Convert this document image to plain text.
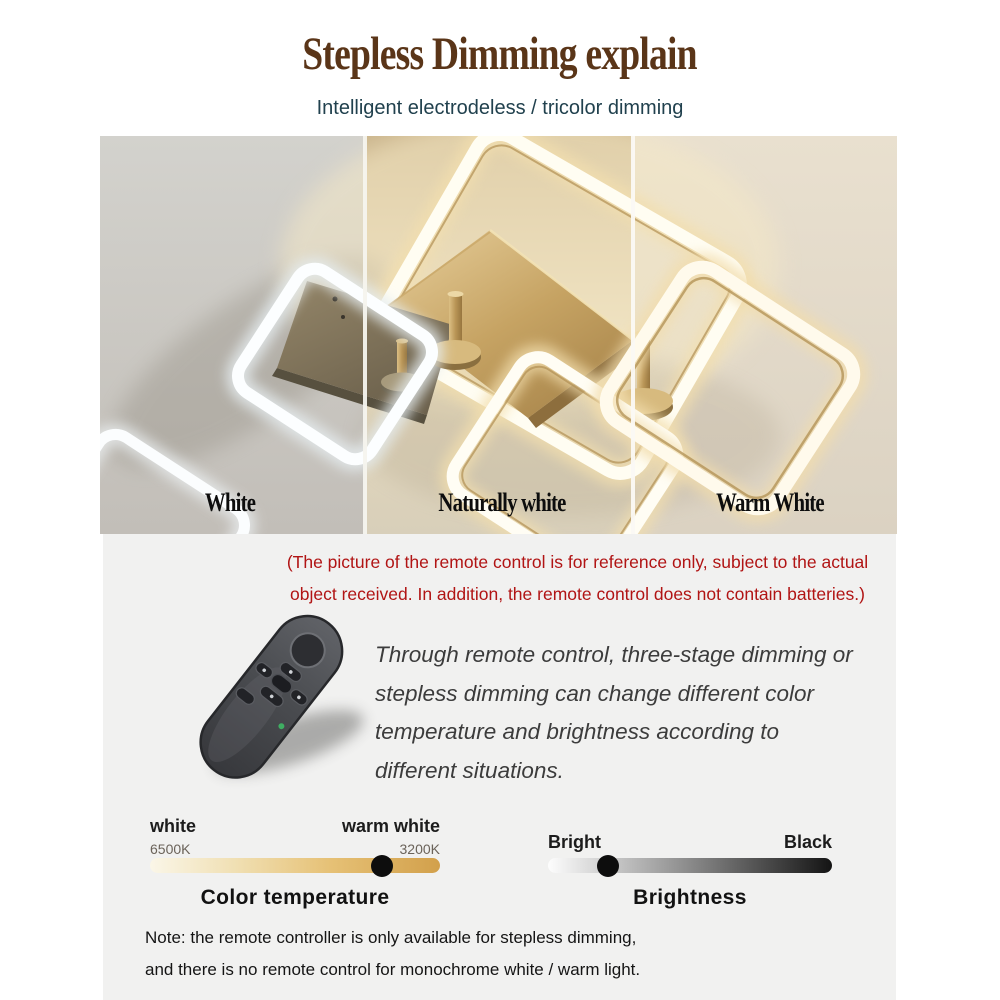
Stepless Dimming explain
Intelligent electrodeless / tricolor dimming
White	Naturally white	Warm White
(The picture of the remote control is for reference only, subject to the actual
object received. In addition, the remote control does not contain batteries.)
Through remote control, three-stage dimming or
stepless dimming can change different color
temperature and brightness according to
different situations.
white	warm white
6500K	3200K
Color temperature
Bright	Black
Brightness
Note: the remote controller is only available for stepless dimming,
and there is no remote control for monochrome white / warm light.
